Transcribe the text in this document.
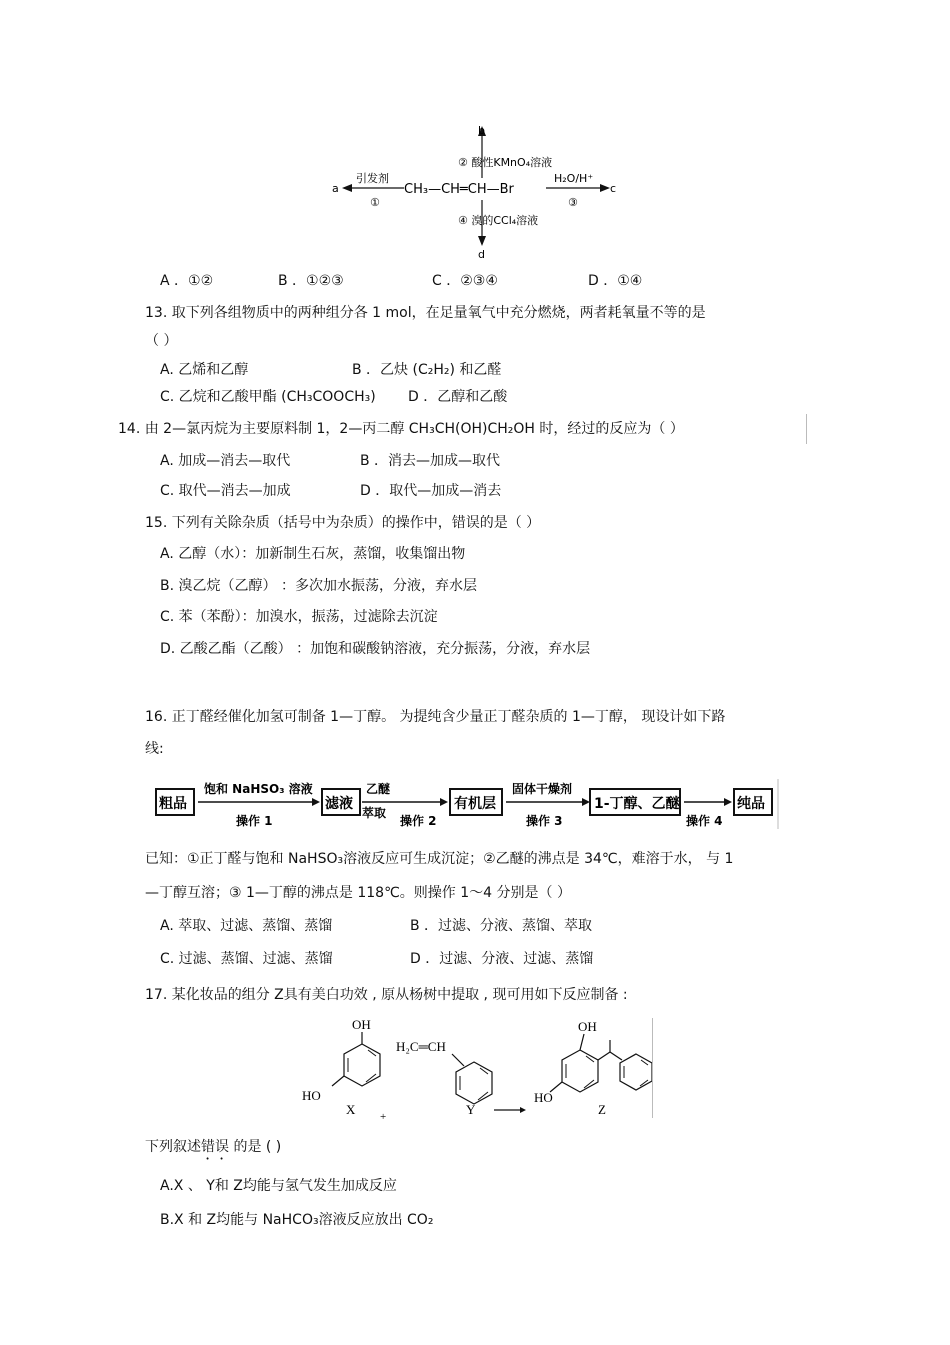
b
d
a	c
② 酸性KMnO₄溶液
④ 溴的CCl₄溶液
引发剂
①
H₂O/H⁺
③
CH₃—CH═CH—Br
A ．①②	B ．①②③	C ．②③④	D ．①④
13. 取下列各组物质中的两种组分各 1 mol，在足量氧气中充分燃烧，两者耗氧量不等的是
（ ）
A. 乙烯和乙醇	B ．乙炔 (C₂H₂) 和乙醛
C. 乙烷和乙酸甲酯 (CH₃COOCH₃) D ．乙醇和乙酸
14. 由 2—氯丙烷为主要原料制 1，2—丙二醇 CH₃CH(OH)CH₂OH 时，经过的反应为（ ）
A. 加成—消去—取代	B ．消去—加成—取代
C. 取代—消去—加成	D ．取代—加成—消去
15. 下列有关除杂质（括号中为杂质）的操作中，错误的是（ ）
A. 乙醇（水）：加新制生石灰，蒸馏，收集馏出物
B. 溴乙烷（乙醇） ：多次加水振荡，分液，弃水层
C. 苯（苯酚）：加溴水，振荡，过滤除去沉淀
D. 乙酸乙酯（乙酸） ：加饱和碳酸钠溶液，充分振荡，分液，弃水层
16. 正丁醛经催化加氢可制备 1—丁醇。 为提纯含少量正丁醛杂质的 1—丁醇， 现设计如下路
线:
粗品
饱和 NaHSO₃ 溶液
操作 1
滤液
乙醚
萃取
操作 2
有机层
固体干燥剂
操作 3
1-丁醇、乙醚
操作 4
纯品
已知：①正丁醛与饱和 NaHSO₃溶液反应可生成沉淀；②乙醚的沸点是 34℃，难溶于水， 与 1
—丁醇互溶；③ 1—丁醇的沸点是 118℃。则操作 1～4 分别是（ ）
A. 萃取、过滤、蒸馏、蒸馏	B ．过滤、分液、蒸馏、萃取
C. 过滤、蒸馏、过滤、蒸馏	D ．过滤、分液、过滤、蒸馏
17. 某化妆品的组分 Z具有美白功效 , 原从杨树中提取 , 现可用如下反应制备 :
OH
HO
X +
H₂C═CH
Y
OH
HO
Z
下列叙述错误 的是 ( )
A.X 、 Y和 Z均能与氢气发生加成反应
B.X 和 Z均能与 NaHCO₃溶液反应放出 CO₂
